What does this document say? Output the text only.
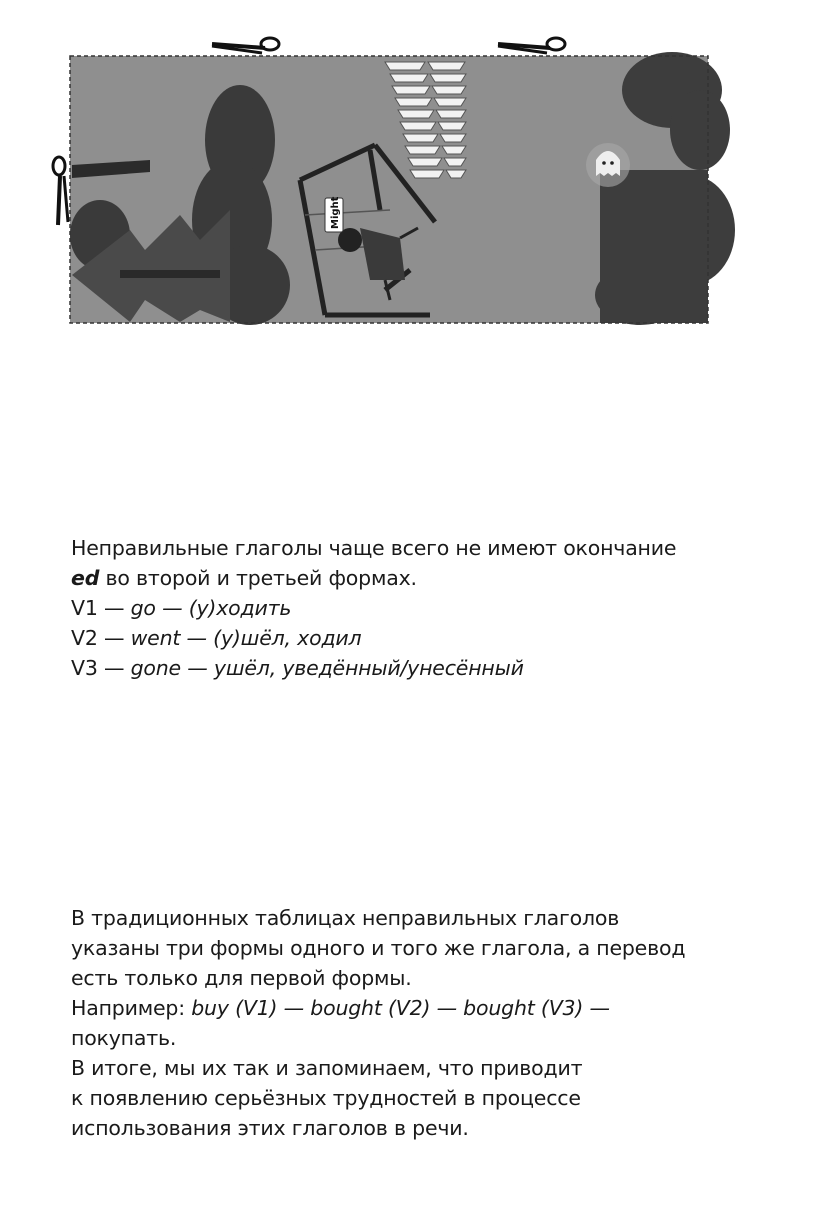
Might
Неправильные глаголы чаще всего не имеют окончание
ed во второй и третьей формах.
V1 — go — (у)ходить
V2 — went — (у)шёл, ходил
V3 — gone — ушёл, уведённый/унесённый
В традиционных таблицах неправильных глаголов
указаны три формы одного и того же глагола, а перевод
есть только для первой формы.
Например: buy (V1) — bought (V2) — bought (V3) —
покупать.
В итоге, мы их так и запоминаем, что приводит
к появлению серьёзных трудностей в процессе
использования этих глаголов в речи.
